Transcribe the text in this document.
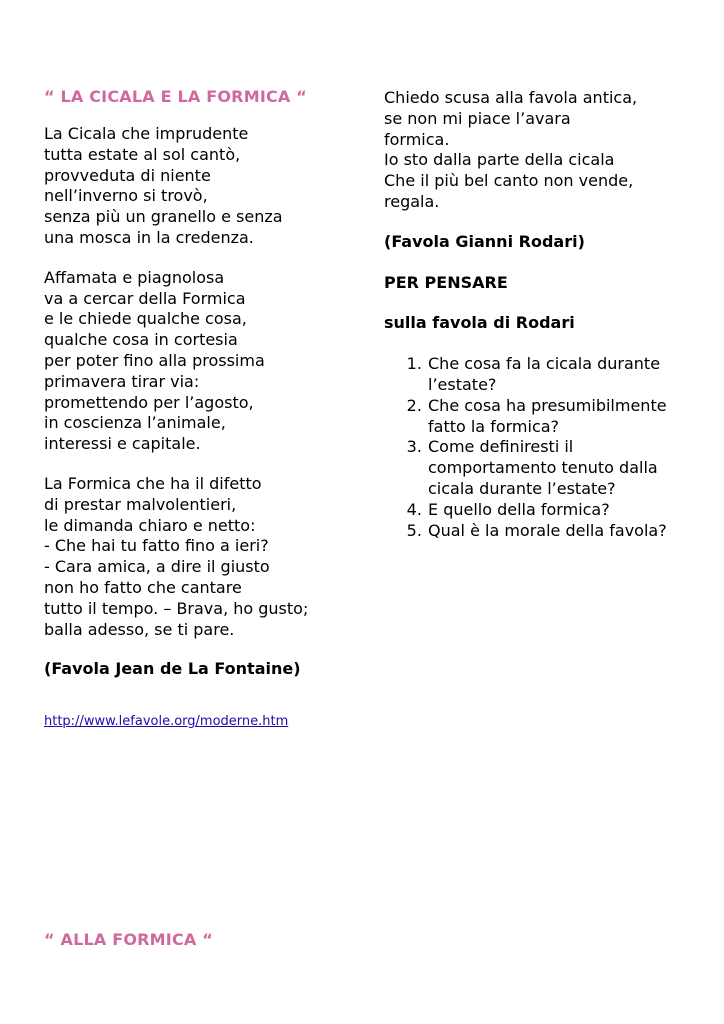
“ LA CICALA E LA FORMICA “
La Cicala che imprudente
tutta estate al sol cantò,
provveduta di niente
nell’inverno si trovò,
senza più un granello e senza
una mosca in la credenza.
Affamata e piagnolosa
va a cercar della Formica
e le chiede qualche cosa,
qualche cosa in cortesia
per poter fino alla prossima
primavera tirar via:
promettendo per l’agosto,
in coscienza l’animale,
interessi e capitale.
La Formica che ha il difetto
di prestar malvolentieri,
le dimanda chiaro e netto:
- Che hai tu fatto fino a ieri?
- Cara amica, a dire il giusto
non ho fatto che cantare
tutto il tempo. – Brava, ho gusto;
balla adesso, se ti pare.
(Favola Jean de La Fontaine)
http://www.lefavole.org/moderne.htm
Chiedo scusa alla favola antica,
se non mi piace l’avara
formica.
Io sto dalla parte della cicala
Che il più bel canto non vende,
regala.
(Favola Gianni Rodari)
PER PENSARE
sulla favola di Rodari
1. Che cosa fa la cicala durante l’estate?
2. Che cosa ha presumibilmente fatto la formica?
3. Come definiresti il comportamento tenuto dalla cicala durante l’estate?
4. E quello della formica?
5. Qual è la morale della favola?
“ ALLA FORMICA “
